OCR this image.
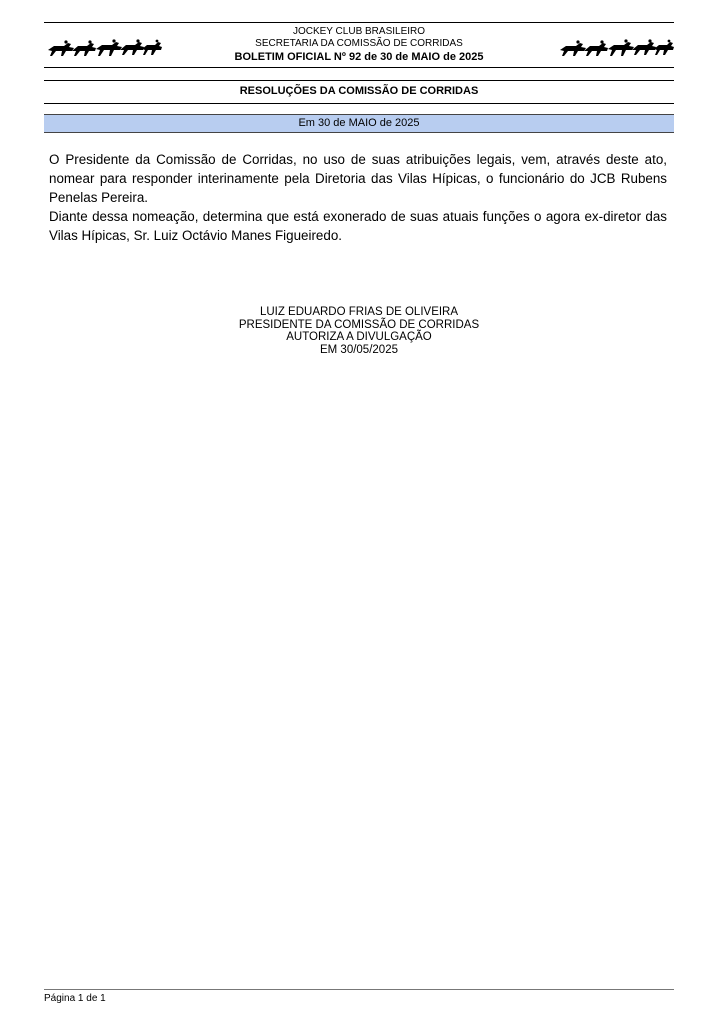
JOCKEY CLUB BRASILEIRO
SECRETARIA DA COMISSÃO DE CORRIDAS
BOLETIM OFICIAL Nº 92 de 30 de MAIO de 2025
RESOLUÇÕES DA COMISSÃO DE CORRIDAS
Em 30 de MAIO de 2025

O Presidente da Comissão de Corridas, no uso de suas atribuições legais, vem, através deste ato, nomear para responder interinamente pela Diretoria das Vilas Hípicas, o funcionário do JCB Rubens Penelas Pereira.

Diante dessa nomeação, determina que está exonerado de suas atuais funções o agora ex-diretor das Vilas Hípicas, Sr. Luiz Octávio Manes Figueiredo.

LUIZ EDUARDO FRIAS DE OLIVEIRA
PRESIDENTE DA COMISSÃO DE CORRIDAS
AUTORIZA A DIVULGAÇÃO
EM 30/05/2025
Página 1 de 1
